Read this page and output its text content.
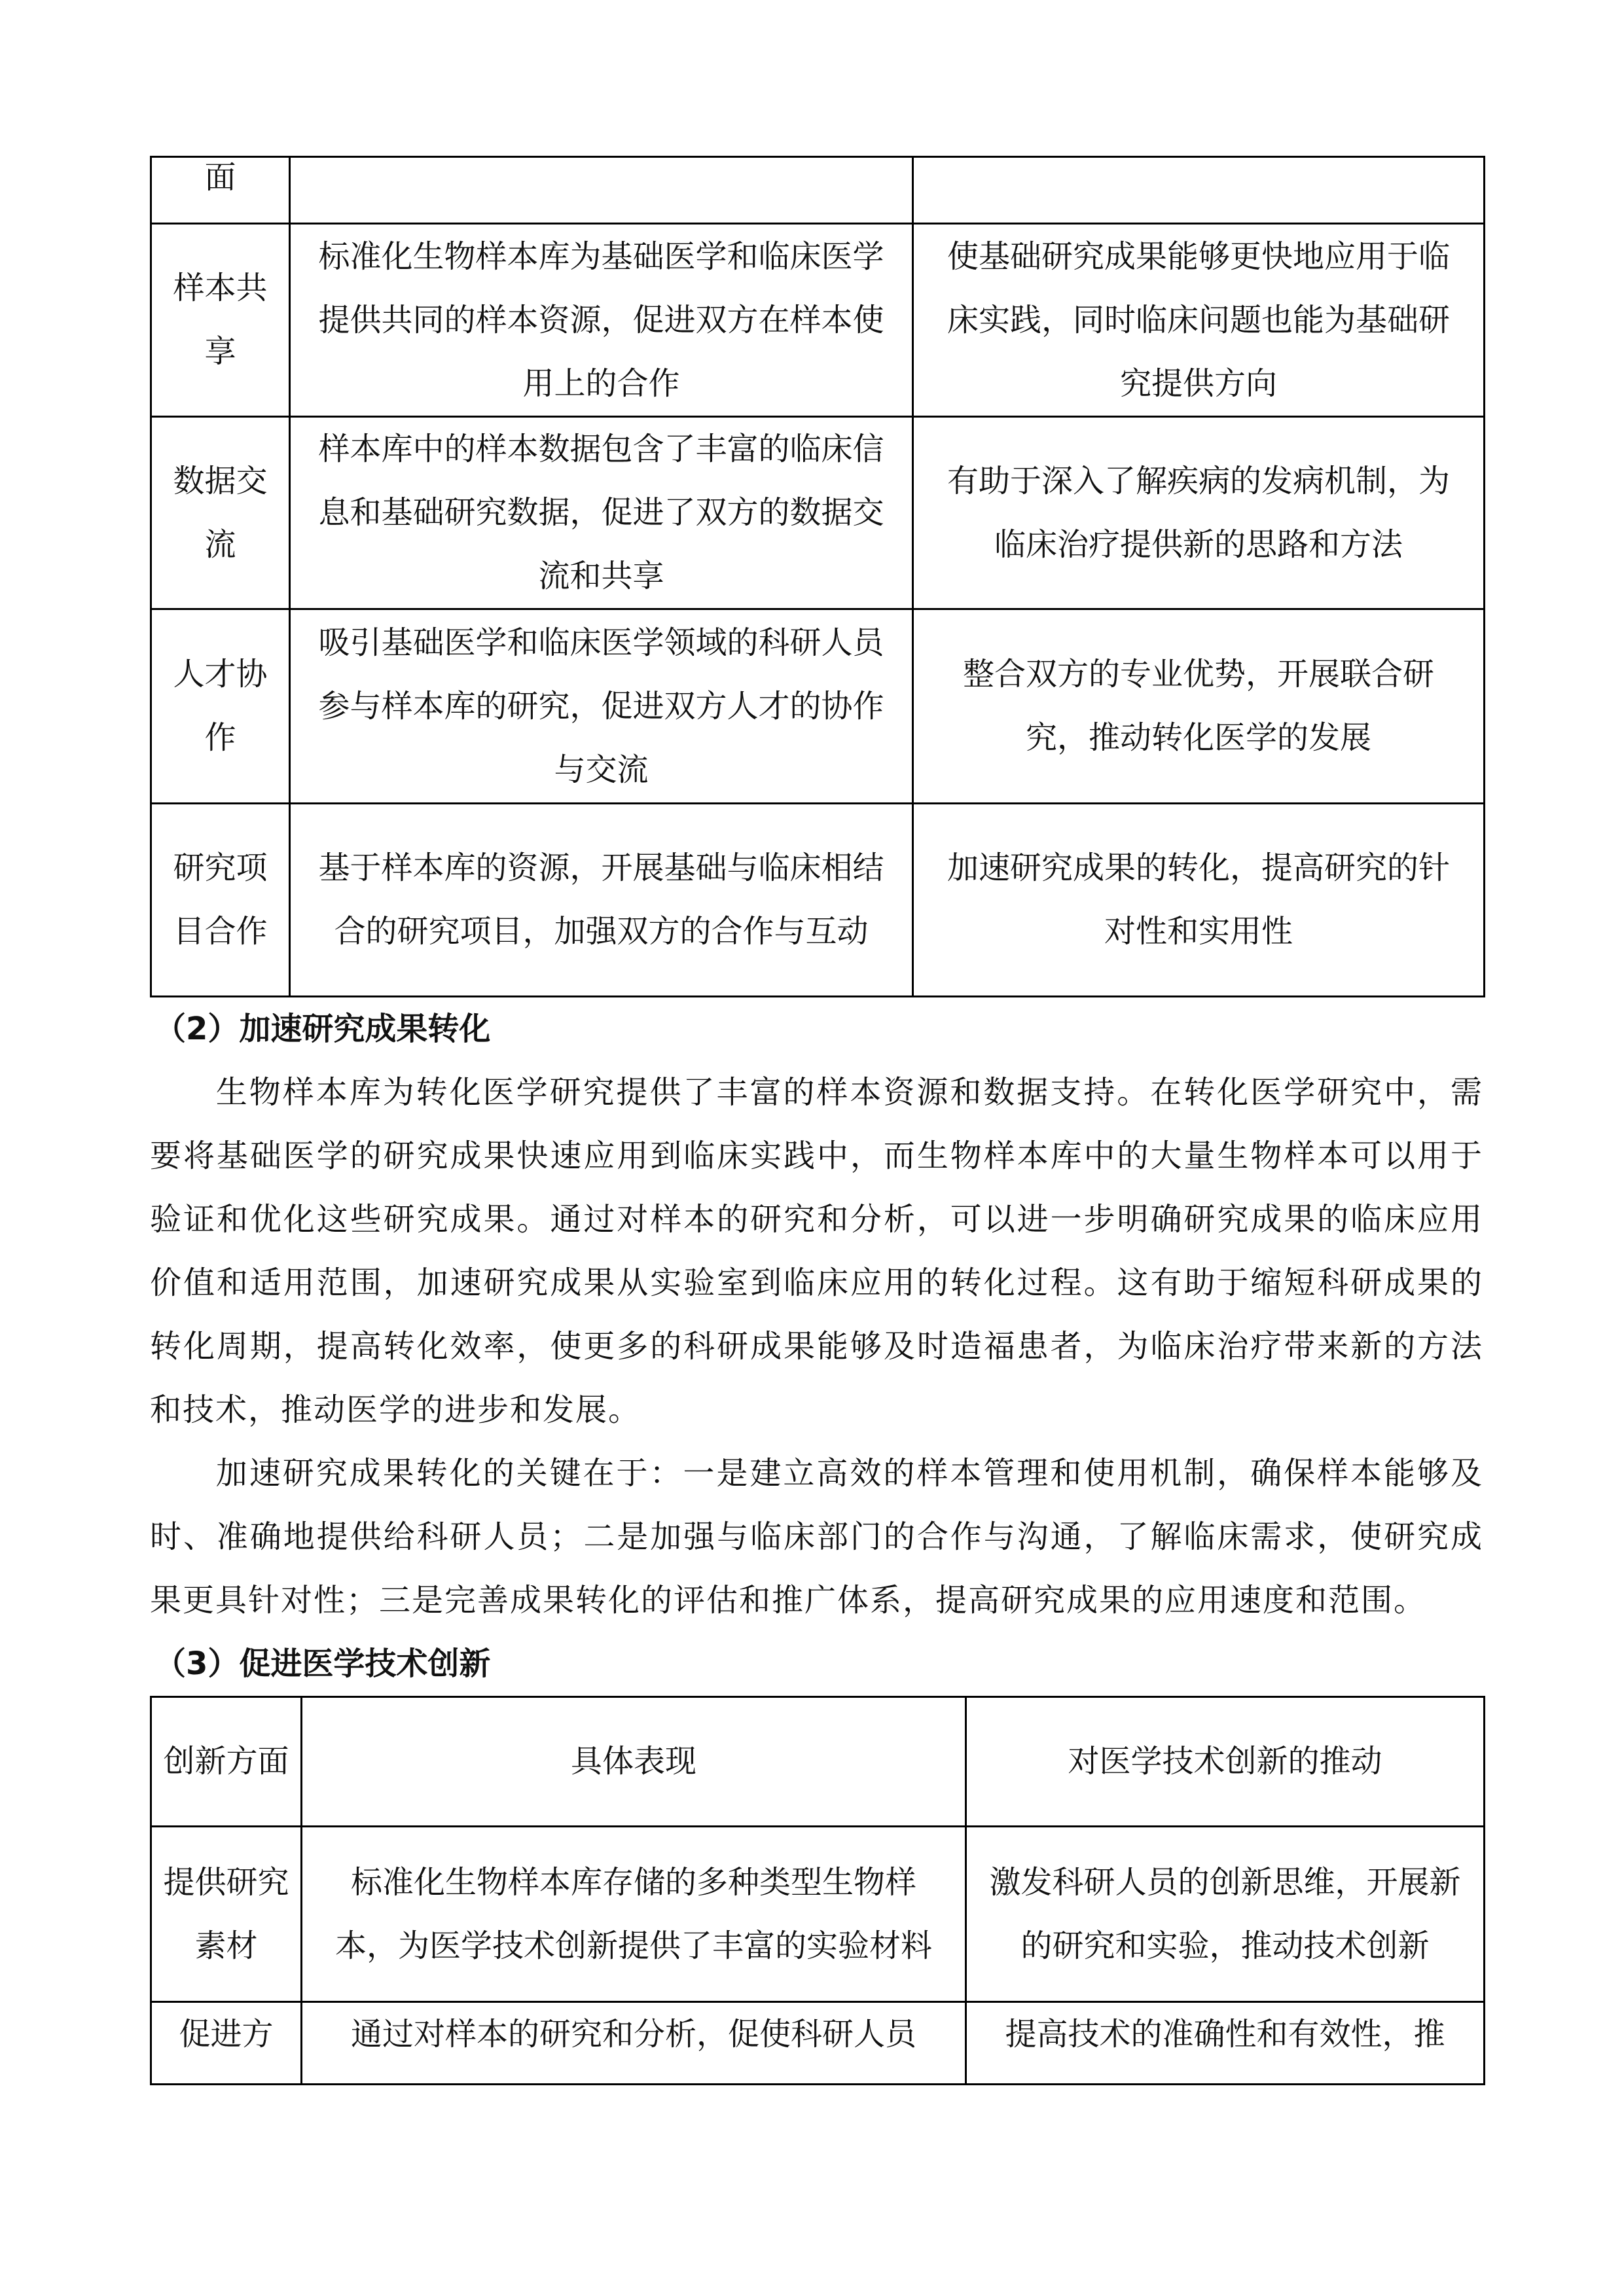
面		
样本共享	标准化生物样本库为基础医学和临床医学提供共同的样本资源，促进双方在样本使用上的合作	使基础研究成果能够更快地应用于临床实践，同时临床问题也能为基础研究提供方向
数据交流	样本库中的样本数据包含了丰富的临床信息和基础研究数据，促进了双方的数据交流和共享	有助于深入了解疾病的发病机制，为临床治疗提供新的思路和方法
人才协作	吸引基础医学和临床医学领域的科研人员参与样本库的研究，促进双方人才的协作与交流	整合双方的专业优势，开展联合研究，推动转化医学的发展
研究项目合作	基于样本库的资源，开展基础与临床相结合的研究项目，加强双方的合作与互动	加速研究成果的转化，提高研究的针对性和实用性
（2）加速研究成果转化

生物样本库为转化医学研究提供了丰富的样本资源和数据支持。在转化医学研究中，需要将基础医学的研究成果快速应用到临床实践中，而生物样本库中的大量生物样本可以用于验证和优化这些研究成果。通过对样本的研究和分析，可以进一步明确研究成果的临床应用价值和适用范围，加速研究成果从实验室到临床应用的转化过程。这有助于缩短科研成果的转化周期，提高转化效率，使更多的科研成果能够及时造福患者，为临床治疗带来新的方法和技术，推动医学的进步和发展。

加速研究成果转化的关键在于：一是建立高效的样本管理和使用机制，确保样本能够及时、准确地提供给科研人员；二是加强与临床部门的合作与沟通，了解临床需求，使研究成果更具针对性；三是完善成果转化的评估和推广体系，提高研究成果的应用速度和范围。

（3）促进医学技术创新
创新方面	具体表现	对医学技术创新的推动
提供研究素材	标准化生物样本库存储的多种类型生物样本，为医学技术创新提供了丰富的实验材料	激发科研人员的创新思维，开展新的研究和实验，推动技术创新
促进方	通过对样本的研究和分析，促使科研人员	提高技术的准确性和有效性，推
